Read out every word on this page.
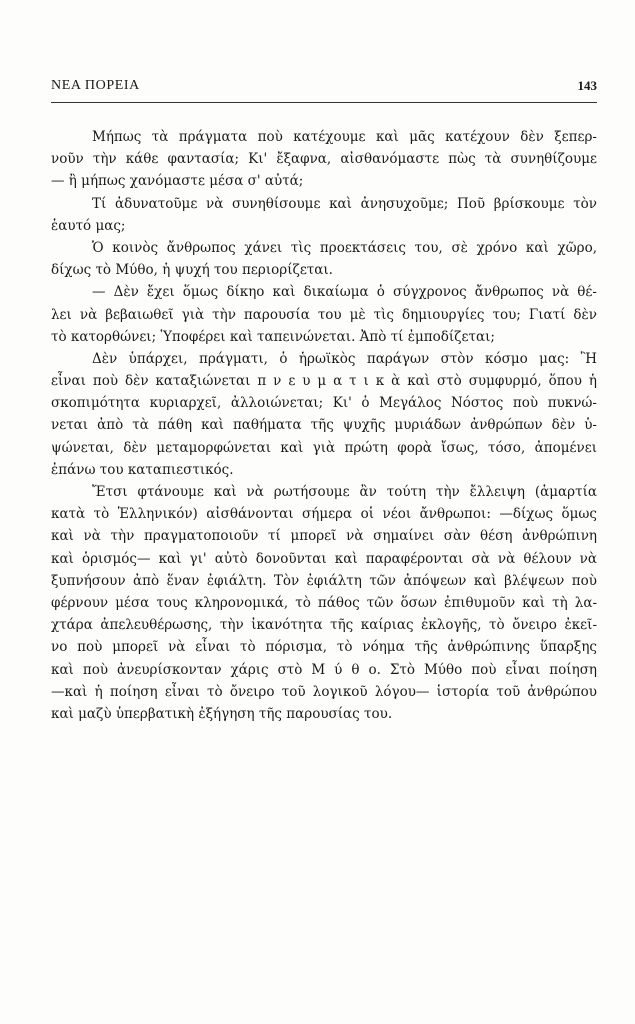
ΝΕΑ ΠΟΡΕΙΑ	143
Μήπως τὰ πράγματα ποὺ κατέχουμε καὶ μᾶς κατέχουν δὲν ξεπερ-
νοῦν τὴν κάθε φαντασία; Κι' ἔξαφνα, αἰσθανόμαστε πὼς τὰ συνηθίζουμε
— ἢ μήπως χανόμαστε μέσα σ' αὐτά;
Τί ἀδυνατοῦμε νὰ συνηθίσουμε καὶ ἀνησυχοῦμε; Ποῦ βρίσκουμε τὸν
ἑαυτό μας;
Ὁ κοινὸς ἄνθρωπος χάνει τὶς προεκτάσεις του, σὲ χρόνο καὶ χῶρο,
δίχως τὸ Μύθο, ἡ ψυχή του περιορίζεται.
— Δὲν ἔχει ὅμως δίκηο καὶ δικαίωμα ὁ σύγχρονος ἄνθρωπος νὰ θέ-
λει νὰ βεβαιωθεῖ γιὰ τὴν παρουσία του μὲ τὶς δημιουργίες του; Γιατί δὲν
τὸ κατορθώνει; Ὑποφέρει καὶ ταπεινώνεται. Ἀπὸ τί ἐμποδίζεται;
Δὲν ὑπάρχει, πράγματι, ὁ ἡρωϊκὸς παράγων στὸν κόσμο μας: Ἢ
εἶναι ποὺ δὲν καταξιώνεται π ν ε υ μ α τ ι κ ὰ καὶ στὸ συμφυρμό, ὅπου ἡ
σκοπιμότητα κυριαρχεῖ, ἀλλοιώνεται; Κι' ὁ Μεγάλος Νόστος ποὺ πυκνώ-
νεται ἀπὸ τὰ πάθη καὶ παθήματα τῆς ψυχῆς μυριάδων ἀνθρώπων δὲν ὑ-
ψώνεται, δὲν μεταμορφώνεται καὶ γιὰ πρώτη φορὰ ἴσως, τόσο, ἀπομένει
ἐπάνω του καταπιεστικός.
Ἔτσι φτάνουμε καὶ νὰ ρωτήσουμε ἂν τούτη τὴν ἔλλειψη (ἁμαρτία
κατὰ τὸ Ἑλληνικόν) αἰσθάνονται σήμερα οἱ νέοι ἄνθρωποι: —δίχως ὅμως
καὶ νὰ τὴν πραγματοποιοῦν τί μπορεῖ νὰ σημαίνει σὰν θέση ἀνθρώπινη
καὶ ὁρισμός— καὶ γι' αὐτὸ δονοῦνται καὶ παραφέρονται σὰ νὰ θέλουν νὰ
ξυπνήσουν ἀπὸ ἕναν ἐφιάλτη. Τὸν ἐφιάλτη τῶν ἀπόψεων καὶ βλέψεων ποὺ
φέρνουν μέσα τους κληρονομικά, τὸ πάθος τῶν ὅσων ἐπιθυμοῦν καὶ τὴ λα-
χτάρα ἀπελευθέρωσης, τὴν ἱκανότητα τῆς καίριας ἐκλογῆς, τὸ ὄνειρο ἐκεῖ-
νο ποὺ μπορεῖ νὰ εἶναι τὸ πόρισμα, τὸ νόημα τῆς ἀνθρώπινης ὕπαρξης
καὶ ποὺ ἀνευρίσκονταν χάρις στὸ Μ ύ θ ο. Στὸ Μύθο ποὺ εἶναι ποίηση
—καὶ ἡ ποίηση εἶναι τὸ ὄνειρο τοῦ λογικοῦ λόγου— ἱστορία τοῦ ἀνθρώπου
καὶ μαζὺ ὑπερβατικὴ ἐξήγηση τῆς παρουσίας του.
